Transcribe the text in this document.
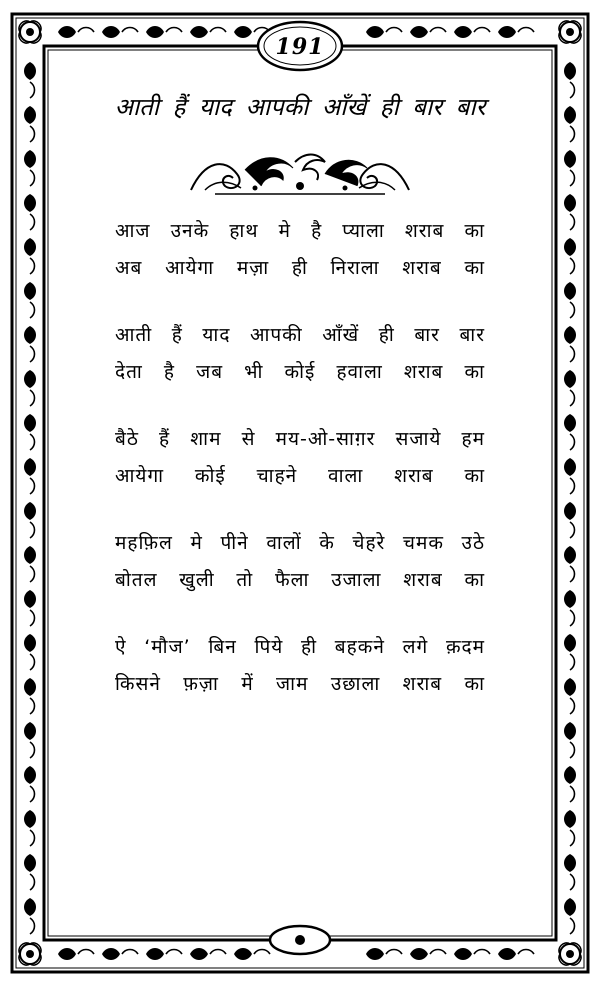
191
आती हैं याद आपकी आँखें ही बार बार
आज उनके हाथ मे है प्याला शराब का
अब आयेगा मज़ा ही निराला शराब का
आती हैं याद आपकी आँखें ही बार बार
देता है जब भी कोई हवाला शराब का
बैठे हैं शाम से मय-ओ-साग़र सजाये हम
आयेगा कोई चाहने वाला शराब का
महफ़िल मे पीने वालों के चेहरे चमक उठे
बोतल खुली तो फैला उजाला शराब का
ऐ ‘मौज’ बिन पिये ही बहकने लगे क़दम
किसने फ़ज़ा में जाम उछाला शराब का
